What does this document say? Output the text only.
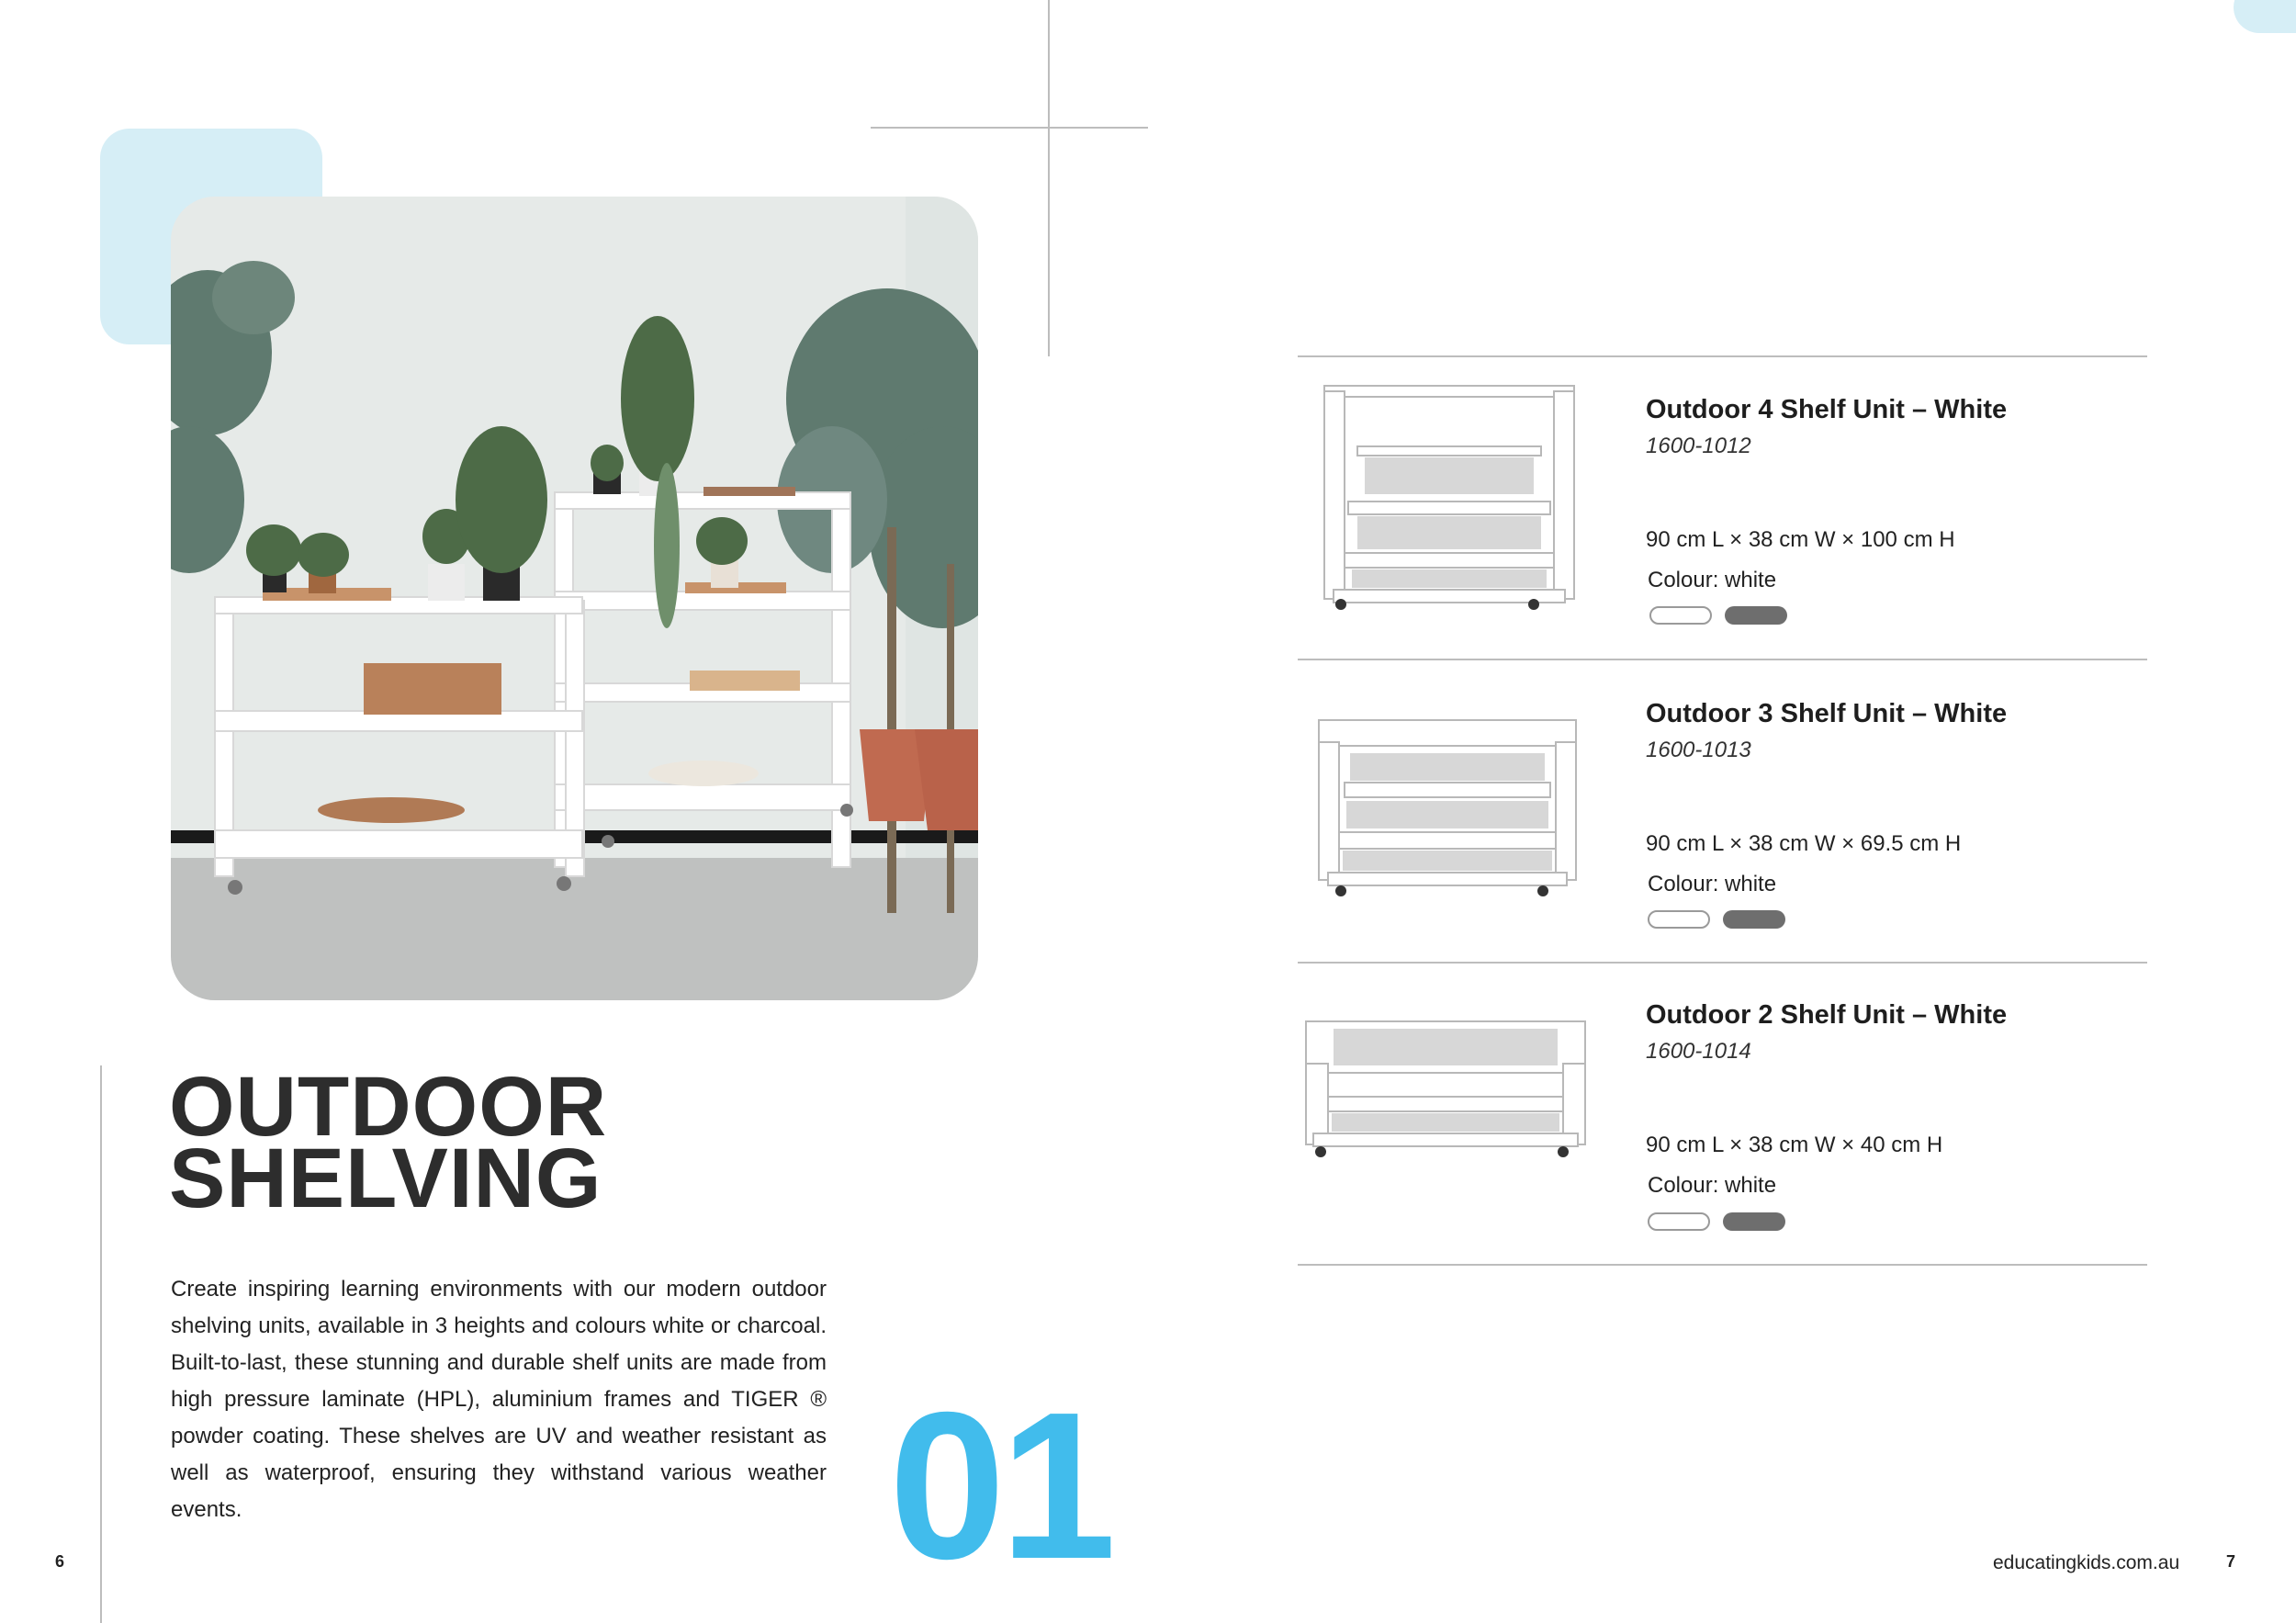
OUTDOOR
SHELVING

Create inspiring learning environments with our modern outdoor shelving units, available in 3 heights and colours white or charcoal. Built-to-last, these stunning and durable shelf units are made from high pressure laminate (HPL), aluminium frames and TIGER ® powder coating. These shelves are UV and weather resistant as well as waterproof, ensuring they withstand various weather events.	01
6	educatingkids.com.au	7
Outdoor 4 Shelf Unit – White
1600-1012
90 cm L × 38 cm W × 100 cm H
Colour: white
Outdoor 3 Shelf Unit – White
1600-1013
90 cm L × 38 cm W × 69.5 cm H
Colour: white
Outdoor 2 Shelf Unit – White
1600-1014
90 cm L × 38 cm W × 40 cm H
Colour: white
